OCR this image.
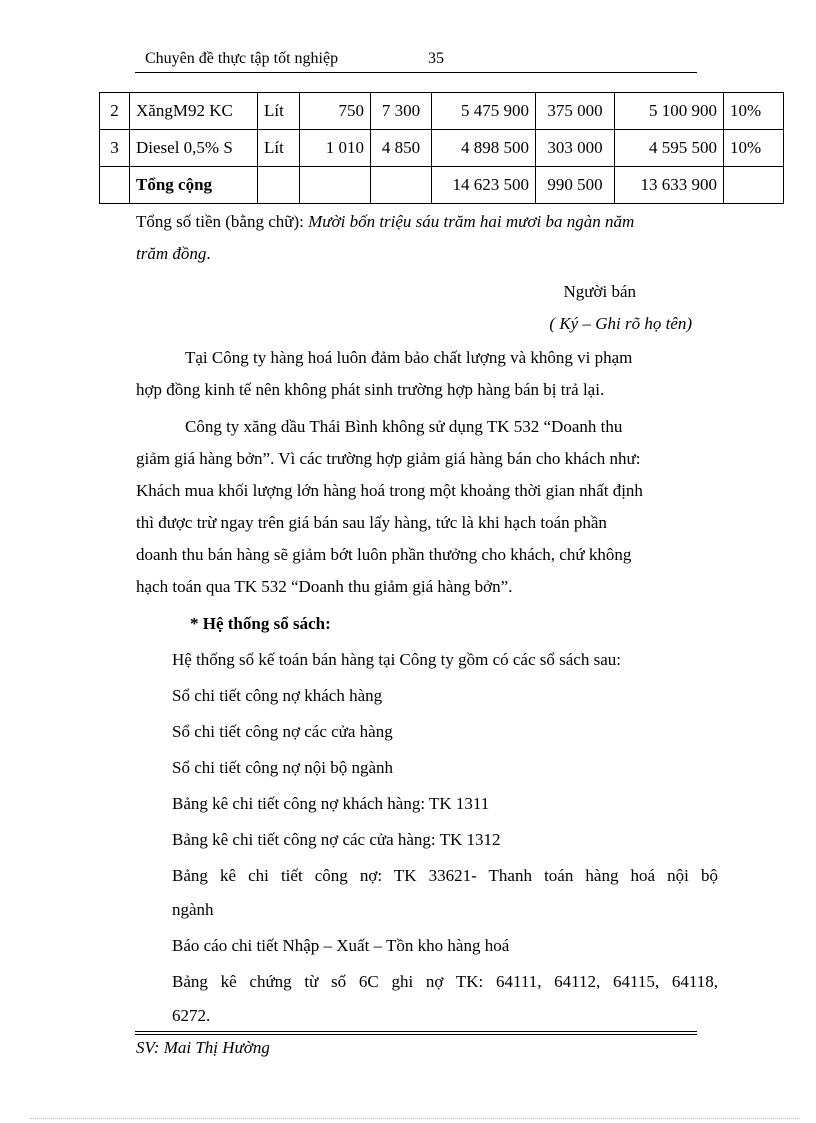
Chuyên đề thực tập tốt nghiệp	35
2	XăngM92 KC	Lít	750	7 300	5 475 900	375 000	5 100 900	10%
3	Diesel 0,5% S	Lít	1 010	4 850	4 898 500	303 000	4 595 500	10%
	Tổng cộng				14 623 500	990 500	13 633 900	
Tổng số tiền (bằng chữ): Mười bốn triệu sáu trăm hai mươi ba ngàn năm
trăm đồng.
Người bán
( Ký – Ghi rõ họ tên)
Tại Công ty hàng hoá luôn đảm bảo chất lượng và không vi phạm
hợp đồng kinh tế nên không phát sinh trường hợp hàng bán bị trả lại.
Công ty xăng dầu Thái Bình không sử dụng TK 532 “Doanh thu
giảm giá hàng bởn”. Vì các trường hợp giảm giá hàng bán cho khách như:
Khách mua khối lượng lớn hàng hoá trong một khoảng thời gian nhất định
thì được trừ ngay trên giá bán sau lấy hàng, tức là khi hạch toán phần
doanh thu bán hàng sẽ giảm bớt luôn phần thưởng cho khách, chứ không
hạch toán qua TK 532 “Doanh thu giảm giá hàng bởn”.
* Hệ thống sổ sách:
Hệ thống sổ kế toán bán hàng tại Công ty gồm có các sổ sách sau:
Sổ chi tiết công nợ khách hàng
Sổ chi tiết công nợ các cửa hàng
Sổ chi tiết công nợ nội bộ ngành
Bảng kê chi tiết công nợ khách hàng: TK 1311
Bảng kê chi tiết công nợ các cửa hàng: TK 1312
Bảng kê chi tiết công nợ: TK 33621- Thanh toán hàng hoá nội bộ
ngành
Báo cáo chi tiết Nhập – Xuất – Tồn kho hàng hoá
Bảng kê chứng từ số 6C ghi nợ TK: 64111, 64112, 64115, 64118,
6272.
SV: Mai Thị Hường
